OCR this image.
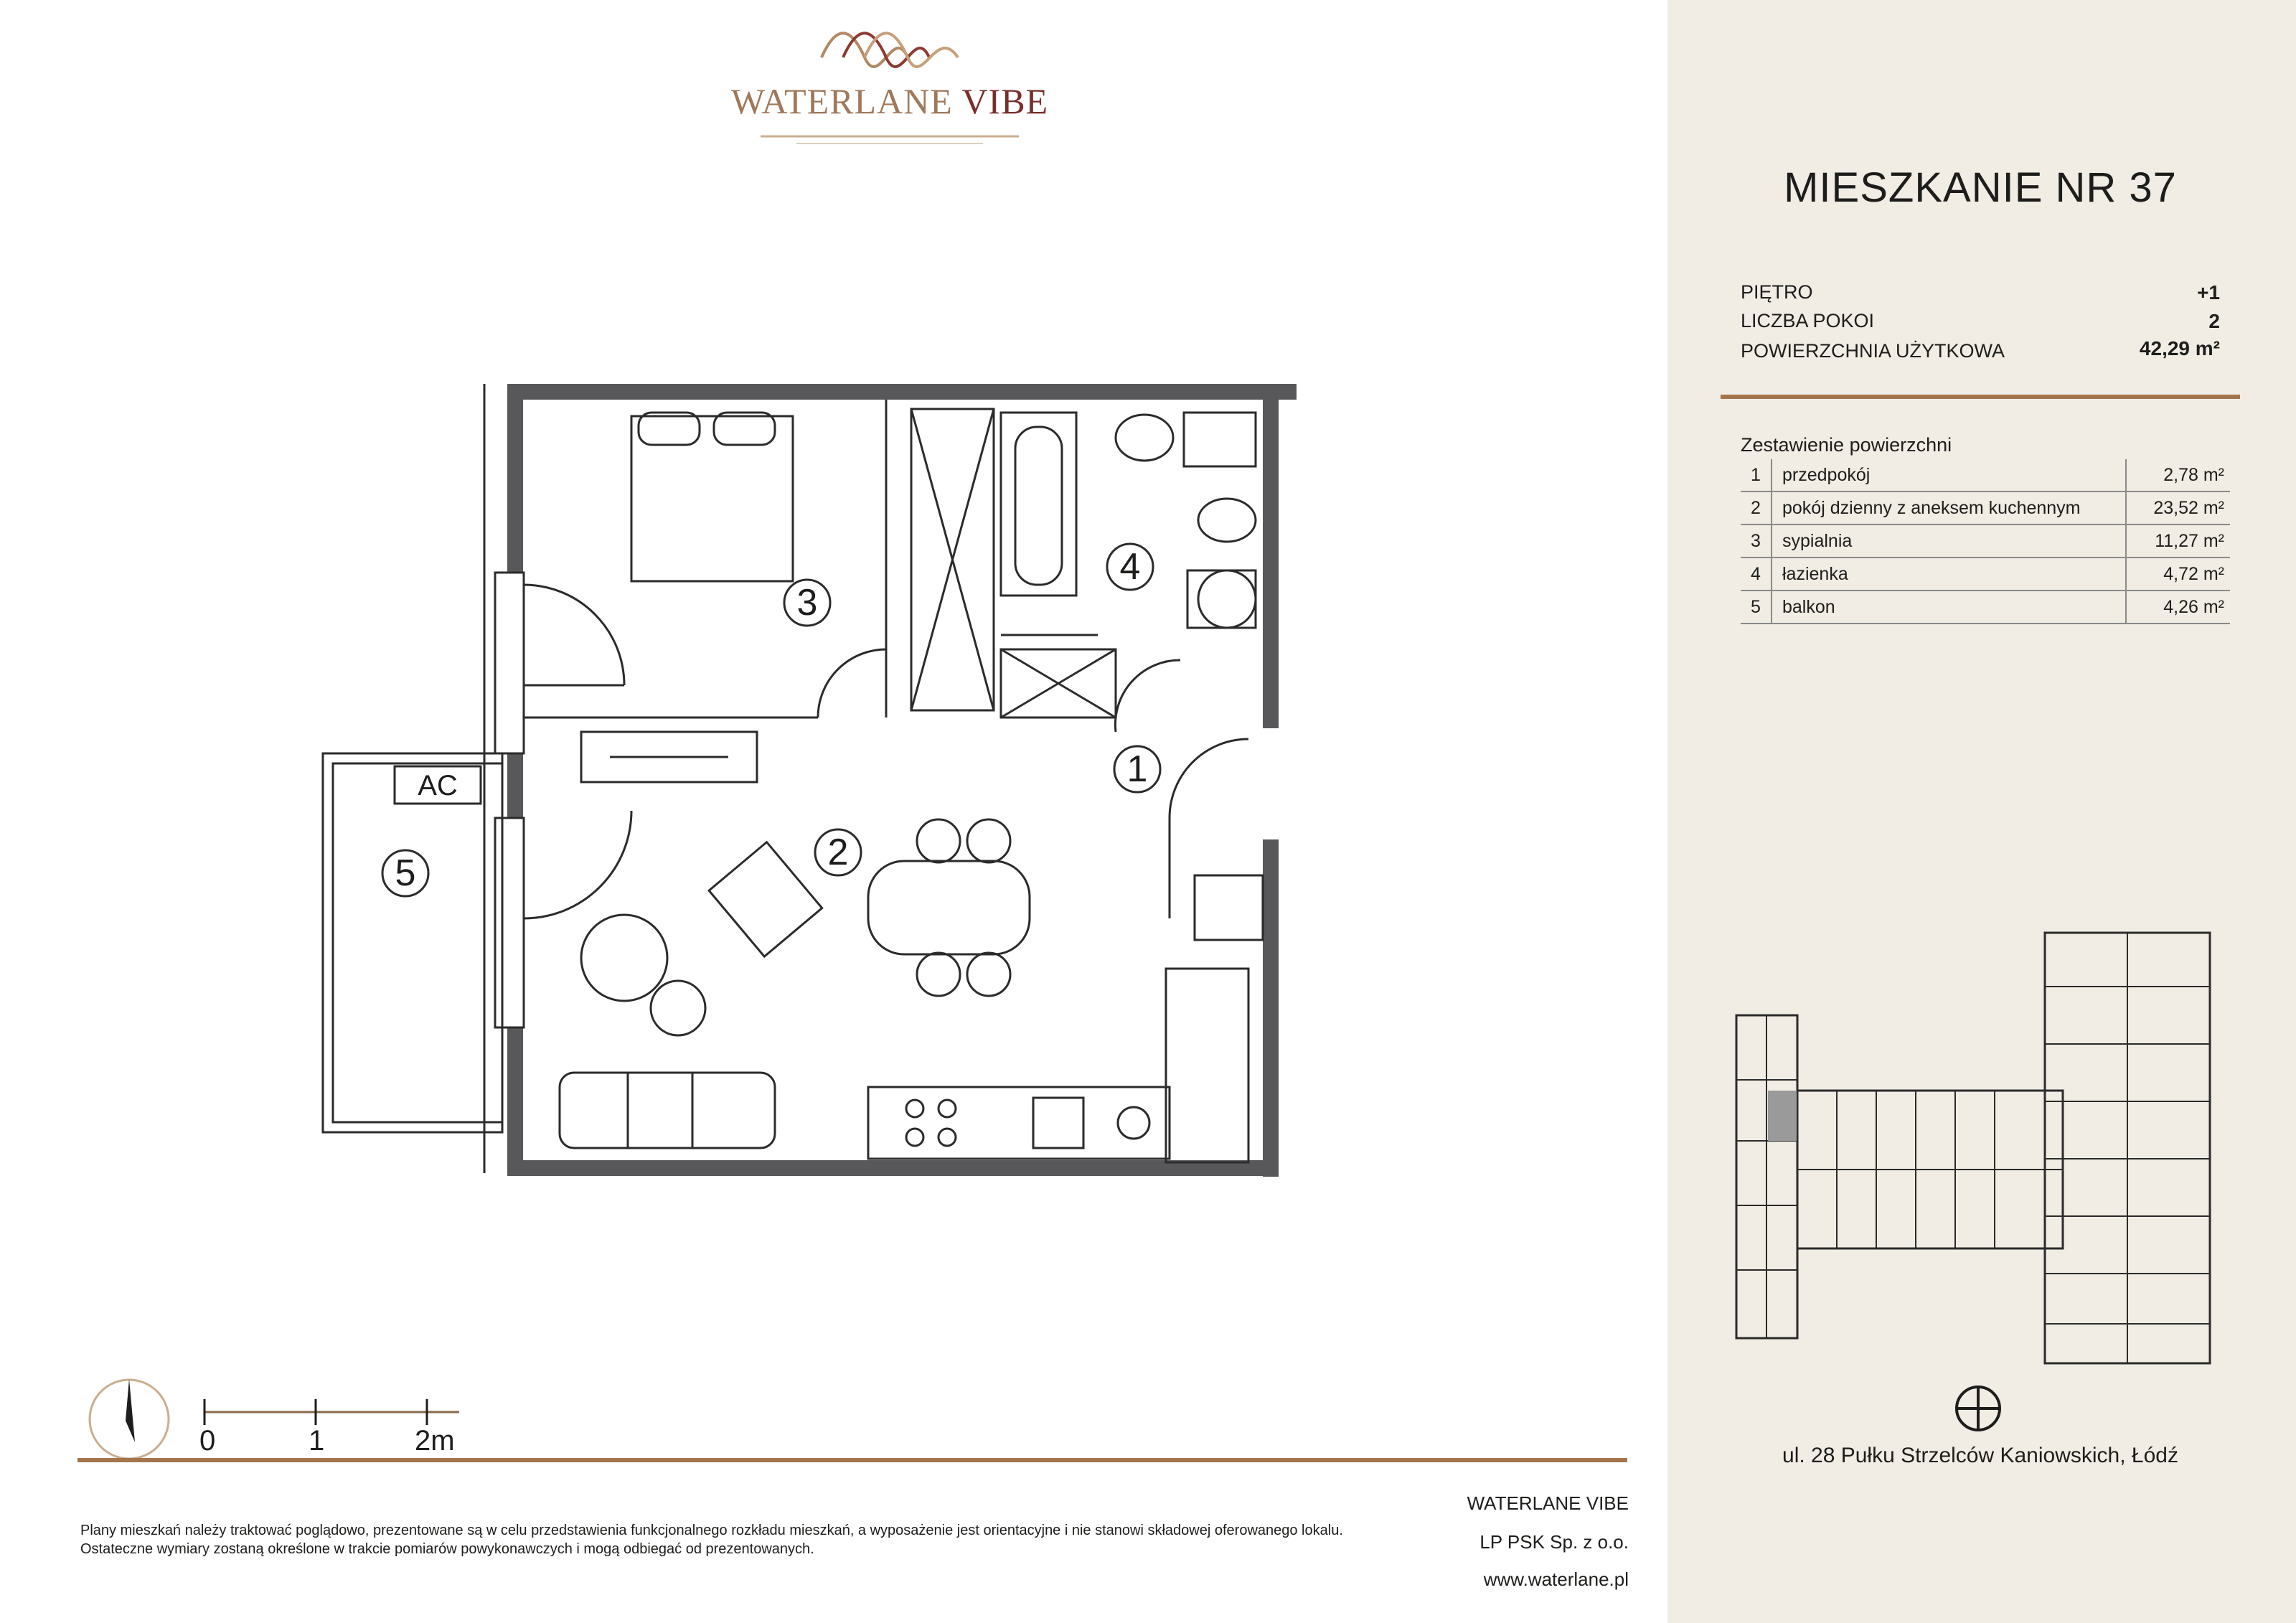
WATERLANE VIBE
MIESZKANIE NR 37
PIĘTRO	+1
LICZBA POKOI	2
POWIERZCHNIA UŻYTKOWA	42,29 m²
Zestawienie powierzchni
1	przedpokój	2,78 m²
2	pokój dzienny z aneksem kuchennym	23,52 m²
3	sypialnia	11,27 m²
4	łazienka	4,72 m²
5	balkon	4,26 m²
ul. 28 Pułku Strzelców Kaniowskich, Łódź
1
2
3
4
5
AC
0	1	2m
Plany mieszkań należy traktować poglądowo, prezentowane są w celu przedstawienia funkcjonalnego rozkładu mieszkań, a wyposażenie jest orientacyjne i nie stanowi składowej oferowanego lokalu.
Ostateczne wymiary zostaną określone w trakcie pomiarów powykonawczych i mogą odbiegać od prezentowanych.
WATERLANE VIBE
LP PSK Sp. z o.o.
www.waterlane.pl
